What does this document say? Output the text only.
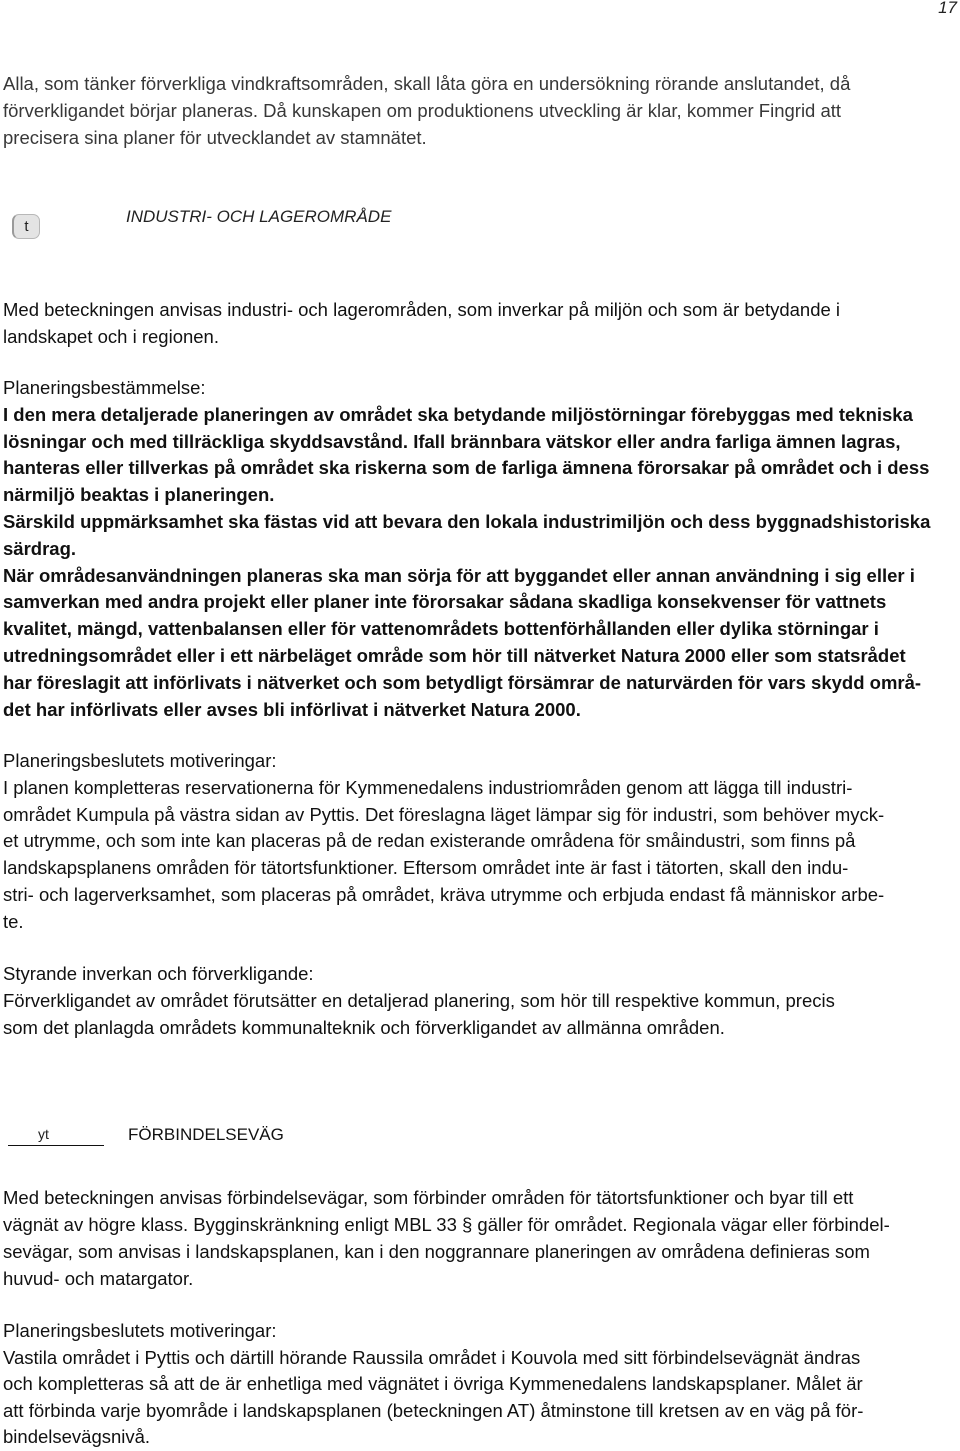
17
Alla, som tänker förverkliga vindkraftsområden, skall låta göra en undersökning rörande anslutandet, då
förverkligandet börjar planeras. Då kunskapen om produktionens utveckling är klar, kommer Fingrid att
precisera sina planer för utvecklandet av stamnätet.
t
INDUSTRI- OCH LAGEROMRÅDE
Med beteckningen anvisas industri- och lagerområden, som inverkar på miljön och som är betydande i
landskapet och i regionen.
Planeringsbestämmelse:
I den mera detaljerade planeringen av området ska betydande miljöstörningar förebyggas med tekniska
lösningar och med tillräckliga skyddsavstånd. Ifall brännbara vätskor eller andra farliga ämnen lagras,
hanteras eller tillverkas på området ska riskerna som de farliga ämnena förorsakar på området och i dess
närmiljö beaktas i planeringen.
Särskild uppmärksamhet ska fästas vid att bevara den lokala industrimiljön och dess byggnadshistoriska
särdrag.
När områdesanvändningen planeras ska man sörja för att byggandet eller annan användning i sig eller i
samverkan med andra projekt eller planer inte förorsakar sådana skadliga konsekvenser för vattnets
kvalitet, mängd, vattenbalansen eller för vattenområdets bottenförhållanden eller dylika störningar i
utredningsområdet eller i ett närbeläget område som hör till nätverket Natura 2000 eller som statsrådet
har föreslagit att införlivats i nätverket och som betydligt försämrar de naturvärden för vars skydd områ-
det har införlivats eller avses bli införlivat i nätverket Natura 2000.
Planeringsbeslutets motiveringar:
I planen kompletteras reservationerna för Kymmenedalens industriområden genom att lägga till industri-
området Kumpula på västra sidan av Pyttis. Det föreslagna läget lämpar sig för industri, som behöver myck-
et utrymme, och som inte kan placeras på de redan existerande områdena för småindustri, som finns på
landskapsplanens områden för tätortsfunktioner. Eftersom området inte är fast i tätorten, skall den indu-
stri- och lagerverksamhet, som placeras på området, kräva utrymme och erbjuda endast få människor arbe-
te.
Styrande inverkan och förverkligande:
Förverkligandet av området förutsätter en detaljerad planering, som hör till respektive kommun, precis
som det planlagda områdets kommunalteknik och förverkligandet av allmänna områden.
yt	FÖRBINDELSEVÄG
Med beteckningen anvisas förbindelsevägar, som förbinder områden för tätortsfunktioner och byar till ett
vägnät av högre klass. Bygginskränkning enligt MBL 33 § gäller för området. Regionala vägar eller förbindel-
sevägar, som anvisas i landskapsplanen, kan i den noggrannare planeringen av områdena definieras som
huvud- och matargator.
Planeringsbeslutets motiveringar:
Vastila området i Pyttis och därtill hörande Raussila området i Kouvola med sitt förbindelsevägnät ändras
och kompletteras så att de är enhetliga med vägnätet i övriga Kymmenedalens landskapsplaner. Målet är
att förbinda varje byområde i landskapsplanen (beteckningen AT) åtminstone till kretsen av en väg på för-
bindelsevägsnivå.
